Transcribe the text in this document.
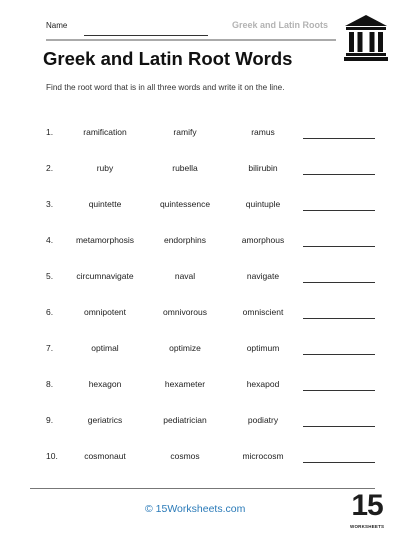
Name	Greek and Latin Roots
Greek and Latin Root Words
Find the root word that is in all three words and write it on the line.
1.	ramification	ramify	ramus
2.	ruby	rubella	bilirubin
3.	quintette	quintessence	quintuple
4.	metamorphosis	endorphins	amorphous
5.	circumnavigate	naval	navigate
6.	omnipotent	omnivorous	omniscient
7.	optimal	optimize	optimum
8.	hexagon	hexameter	hexapod
9.	geriatrics	pediatrician	podiatry
10.	cosmonaut	cosmos	microcosm
© 15Worksheets.com	15
WORKSHEETS
